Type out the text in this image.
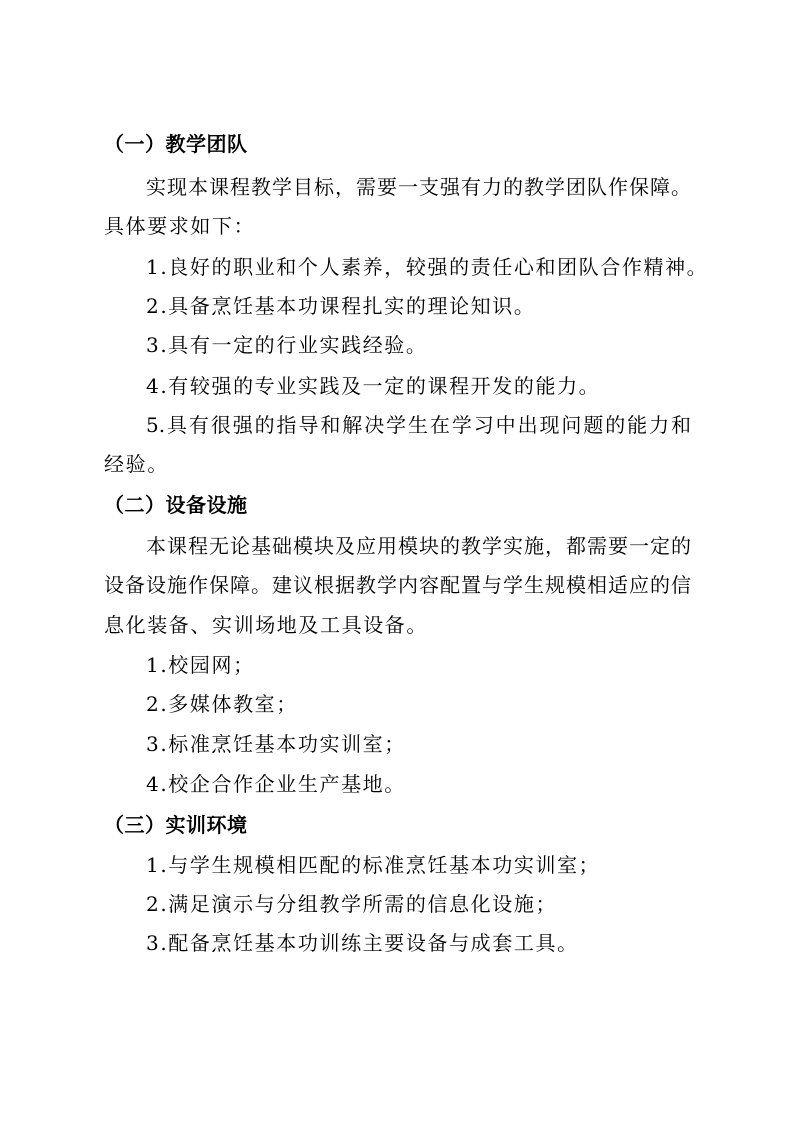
（一）教学团队
实现本课程教学目标，需要一支强有力的教学团队作保障。
具体要求如下：
1.良好的职业和个人素养，较强的责任心和团队合作精神。
2.具备烹饪基本功课程扎实的理论知识。
3.具有一定的行业实践经验。
4.有较强的专业实践及一定的课程开发的能力。
5.具有很强的指导和解决学生在学习中出现问题的能力和
经验。
（二）设备设施
本课程无论基础模块及应用模块的教学实施，都需要一定的
设备设施作保障。建议根据教学内容配置与学生规模相适应的信
息化装备、实训场地及工具设备。
1.校园网；
2.多媒体教室；
3.标准烹饪基本功实训室；
4.校企合作企业生产基地。
（三）实训环境
1.与学生规模相匹配的标准烹饪基本功实训室；
2.满足演示与分组教学所需的信息化设施；
3.配备烹饪基本功训练主要设备与成套工具。
